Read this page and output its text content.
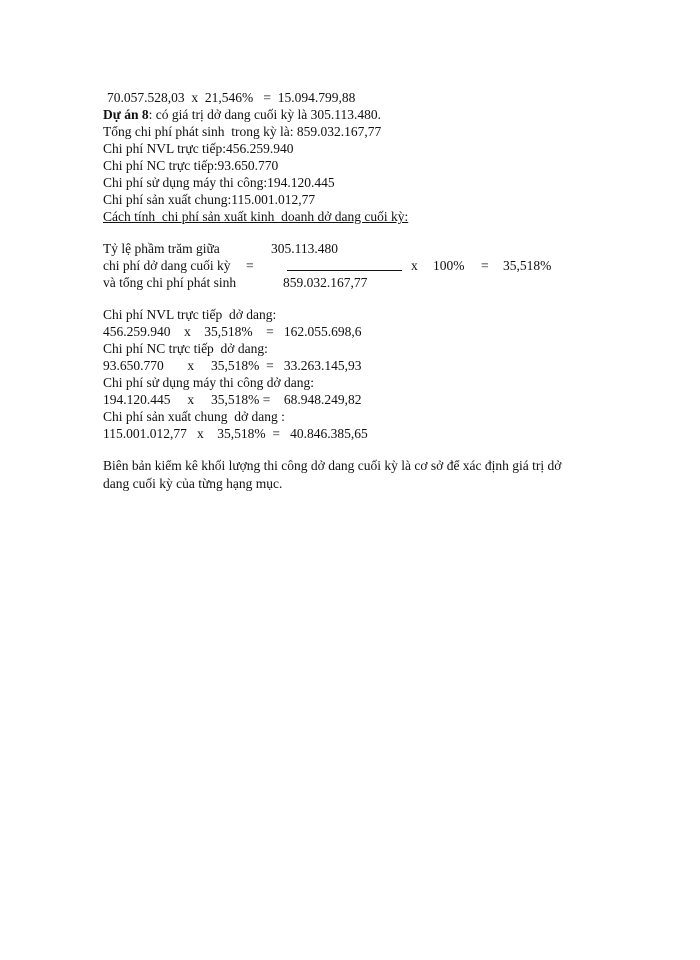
70.057.528,03  x  21,546%   =  15.094.799,88
Dự án 8: có giá trị dở dang cuối kỳ là 305.113.480.
Tổng chi phí phát sinh  trong kỳ là: 859.032.167,77
Chi phí NVL trực tiếp:456.259.940
Chi phí NC trực tiếp:93.650.770
Chi phí sử dụng máy thi công:194.120.445
Chi phí sản xuất chung:115.001.012,77
Cách tính  chi phí sản xuất kinh  doanh dở dang cuối kỳ:
Tỷ lệ phầm trăm giữa	305.113.480
chi phí dở dang cuối kỳ =	x 100% = 35,518%
và tổng chi phí phát sinh	859.032.167,77
Chi phí NVL trực tiếp  dở dang:
456.259.940    x    35,518%    =   162.055.698,6
Chi phí NC trực tiếp  dở dang:
93.650.770       x     35,518%  =   33.263.145,93
Chi phí sử dụng máy thi công dở dang:
194.120.445     x     35,518% =    68.948.249,82
Chi phí sản xuất chung  dở dang :
115.001.012,77   x    35,518%  =   40.846.385,65
Biên bản kiểm kê khối lượng thi công dở dang cuối kỳ là cơ sở để xác định giá trị dở
dang cuối kỳ của từng hạng mục.
